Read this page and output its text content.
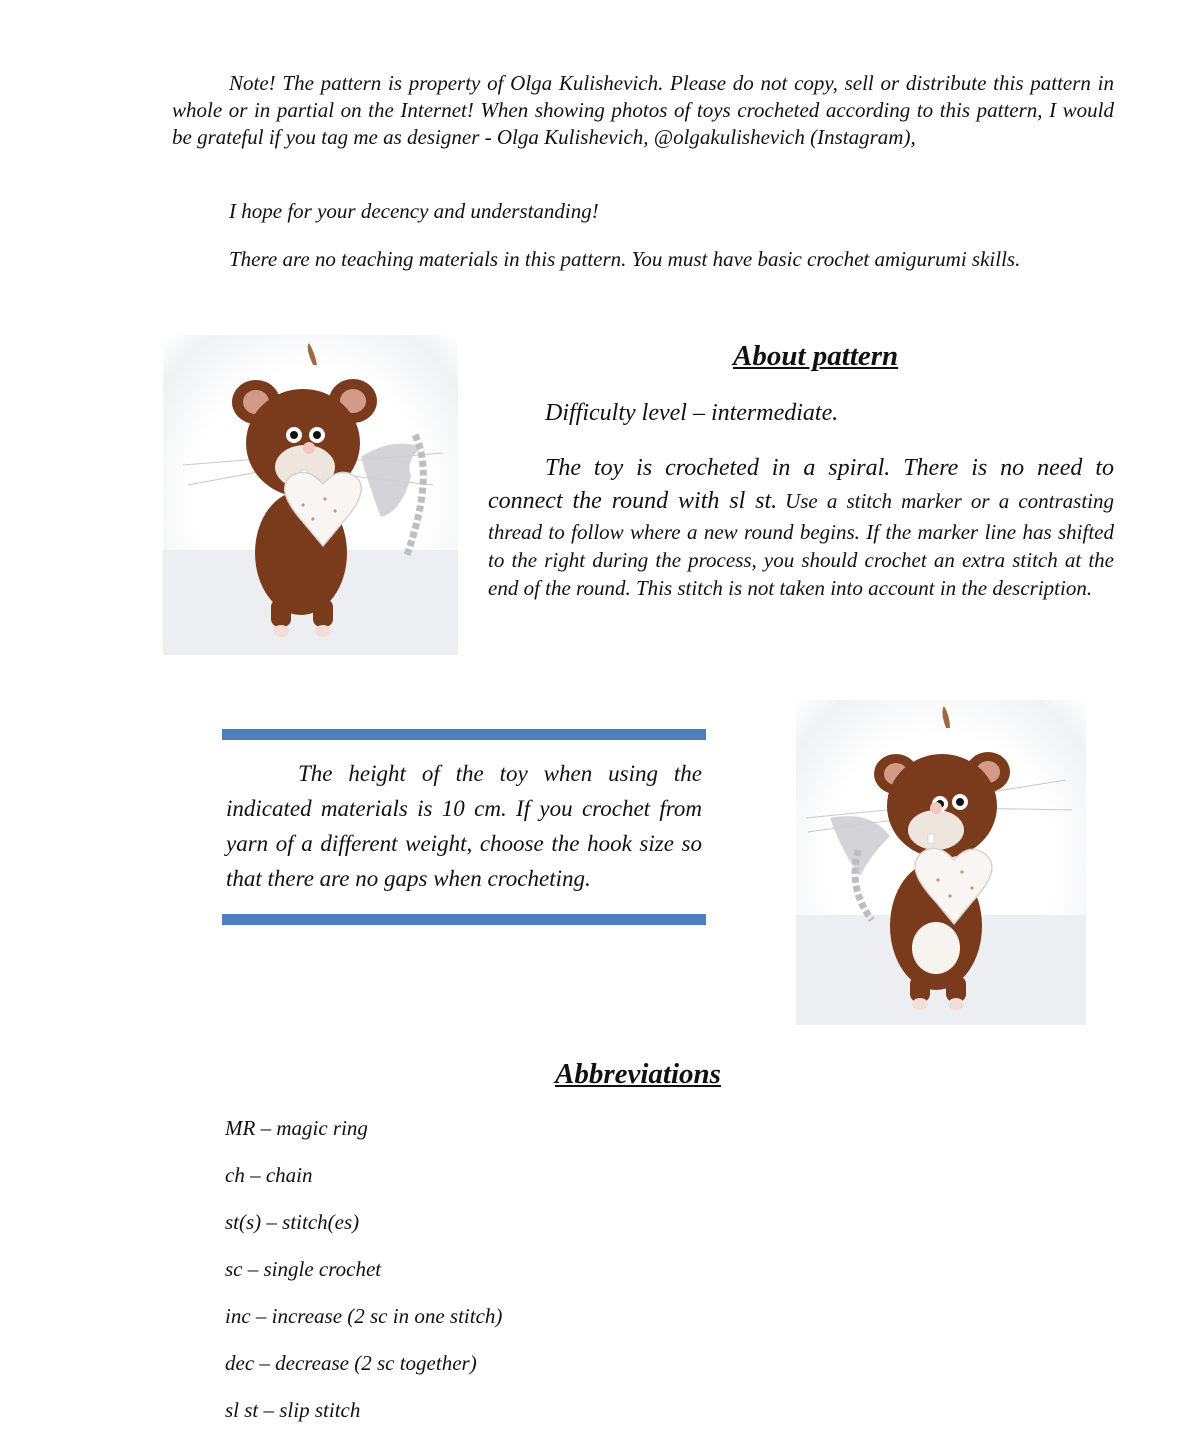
Note! The pattern is property of Olga Kulishevich. Please do not copy, sell or distribute this pattern in whole or in partial on the Internet! When showing photos of toys crocheted according to this pattern, I would be grateful if you tag me as designer - Olga Kulishevich, @olgakulishevich (Instagram),

I hope for your decency and understanding!

There are no teaching materials in this pattern. You must have basic crochet amigurumi skills.

About pattern

Difficulty level – intermediate.

The toy is crocheted in a spiral. There is no need to connect the round with sl st. Use a stitch marker or a contrasting thread to follow where a new round begins. If the marker line has shifted to the right during the process, you should crochet an extra stitch at the end of the round. This stitch is not taken into account in the description.

The height of the toy when using the indicated materials is 10 cm. If you crochet from yarn of a different weight, choose the hook size so that there are no gaps when crocheting.

Abbreviations
MR – magic ring
ch – chain
st(s) – stitch(es)
sc – single crochet
inc – increase (2 sc in one stitch)
dec – decrease (2 sc together)
sl st – slip stitch
